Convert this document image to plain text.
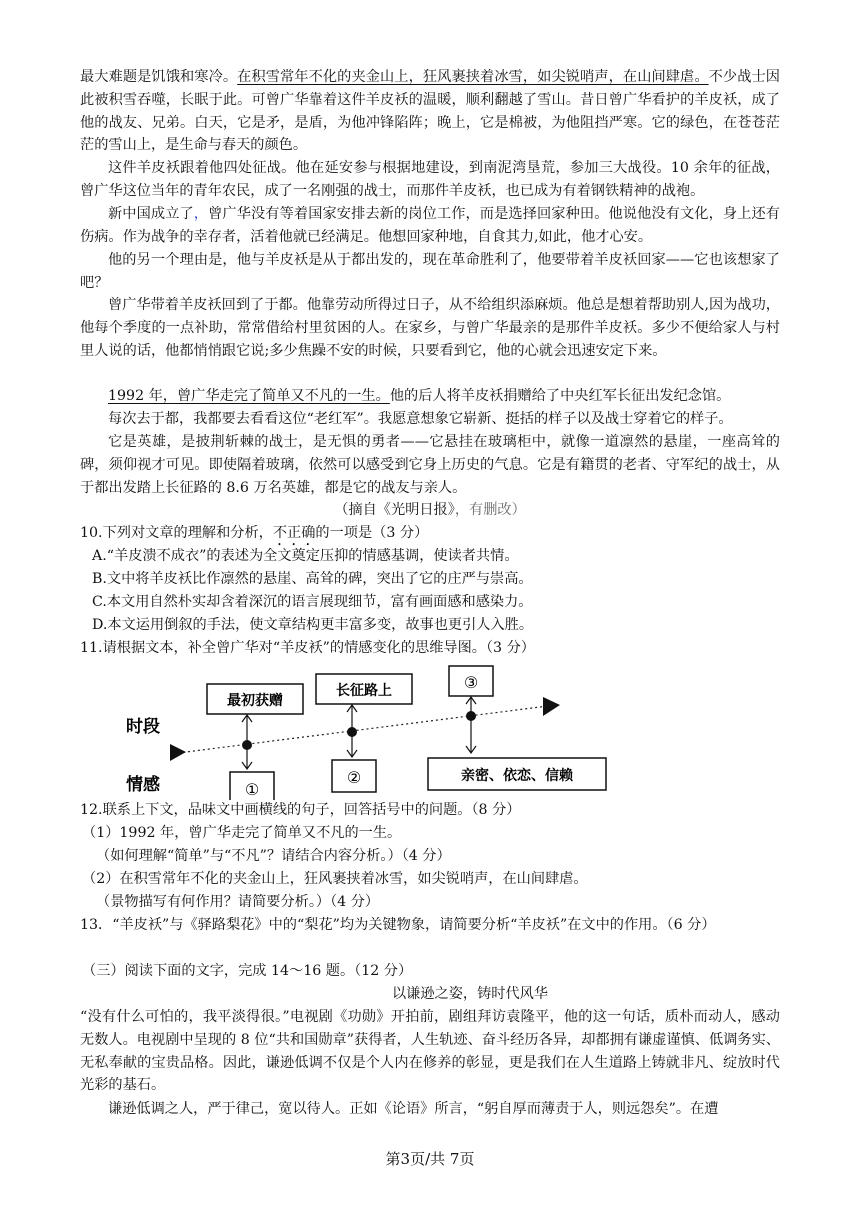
最大难题是饥饿和寒冷。在积雪常年不化的夹金山上，狂风裹挟着冰雪，如尖锐哨声，在山间肆虐。不少战士因此被积雪吞噬，长眠于此。可曾广华靠着这件羊皮袄的温暖，顺利翻越了雪山。昔日曾广华看护的羊皮袄，成了他的战友、兄弟。白天，它是矛，是盾，为他冲锋陷阵；晚上，它是棉被，为他阻挡严寒。它的绿色，在苍苍茫茫的雪山上，是生命与春天的颜色。

这件羊皮袄跟着他四处征战。他在延安参与根据地建设，到南泥湾垦荒，参加三大战役。10 余年的征战，曾广华这位当年的青年农民，成了一名刚强的战士，而那件羊皮袄，也已成为有着钢铁精神的战袍。

新中国成立了，曾广华没有等着国家安排去新的岗位工作，而是选择回家种田。他说他没有文化，身上还有伤病。作为战争的幸存者，活着他就已经满足。他想回家种地，自食其力,如此，他才心安。

他的另一个理由是，他与羊皮袄是从于都出发的，现在革命胜利了，他要带着羊皮袄回家——它也该想家了吧？

曾广华带着羊皮袄回到了于都。他靠劳动所得过日子，从不给组织添麻烦。他总是想着帮助别人,因为战功，他每个季度的一点补助，常常借给村里贫困的人。在家乡，与曾广华最亲的是那件羊皮袄。多少不便给家人与村里人说的话，他都悄悄跟它说;多少焦躁不安的时候，只要看到它，他的心就会迅速安定下来。

1992 年，曾广华走完了简单又不凡的一生。他的后人将羊皮袄捐赠给了中央红军长征出发纪念馆。

每次去于都，我都要去看看这位“老红军”。我愿意想象它崭新、挺括的样子以及战士穿着它的样子。

它是英雄，是披荆斩棘的战士，是无惧的勇者——它悬挂在玻璃柜中，就像一道凛然的悬崖，一座高耸的碑，须仰视才可见。即使隔着玻璃，依然可以感受到它身上历史的气息。它是有籍贯的老者、守军纪的战士，从于都出发踏上长征路的 8.6 万名英雄，都是它的战友与亲人。

（摘自《光明日报》，有删改）

10.下列对文章的理解和分析，不正确的一项是（3 分）

A.“羊皮溃不成衣”的表述为全文奠定压抑的情感基调，使读者共情。

B.文中将羊皮袄比作凛然的悬崖、高耸的碑，突出了它的庄严与崇高。

C.本文用自然朴实却含着深沉的语言展现细节，富有画面感和感染力。

D.本文运用倒叙的手法，使文章结构更丰富多变，故事也更引人入胜。

11.请根据文本，补全曾广华对“羊皮袄”的情感变化的思维导图。（3 分）

时段
情感
最初获赠
长征路上	③
①
②	亲密、依恋、信赖

12.联系上下文，品味文中画横线的句子，回答括号中的问题。（8 分）

（1）1992 年，曾广华走完了简单又不凡的一生。

（如何理解“简单”与“不凡”？请结合内容分析。）（4 分）

（2）在积雪常年不化的夹金山上，狂风裹挟着冰雪，如尖锐哨声，在山间肆虐。

（景物描写有何作用？请简要分析。）（4 分）

13．“羊皮袄”与《驿路梨花》中的“梨花”均为关键物象，请简要分析“羊皮袄”在文中的作用。（6 分）

（三）阅读下面的文字，完成 14～16 题。（12 分）

以谦逊之姿，铸时代风华

“没有什么可怕的，我平淡得很。”电视剧《功勋》开拍前，剧组拜访袁隆平，他的这一句话，质朴而动人，感动无数人。电视剧中呈现的 8 位“共和国勋章”获得者，人生轨迹、奋斗经历各异，却都拥有谦虚谨慎、低调务实、无私奉献的宝贵品格。因此，谦逊低调不仅是个人内在修养的彰显，更是我们在人生道路上铸就非凡、绽放时代光彩的基石。

谦逊低调之人，严于律己，宽以待人。正如《论语》所言，“躬自厚而薄责于人，则远怨矣”。在遭

第3页/共 7页
